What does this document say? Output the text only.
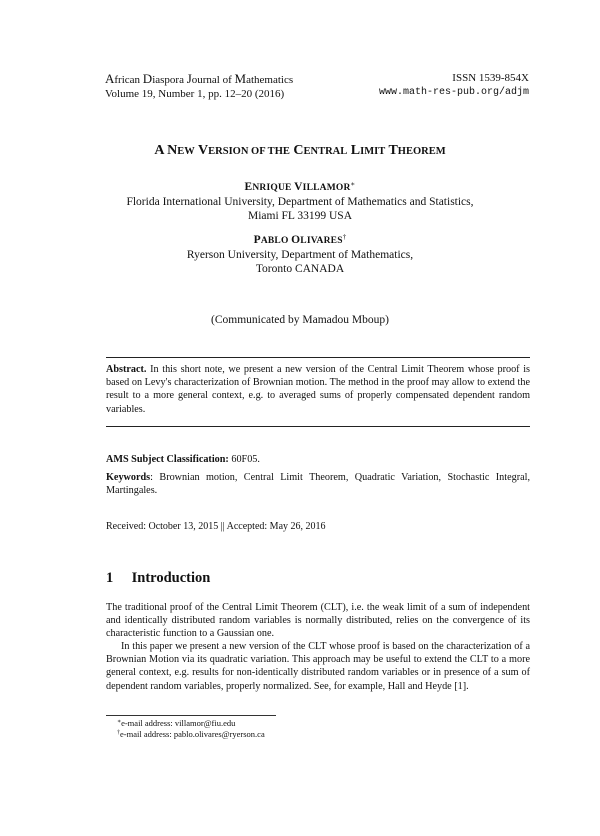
African Diaspora Journal of Mathematics
Volume 19, Number 1, pp. 12–20 (2016)
ISSN 1539-854X
www.math-res-pub.org/adjm
A NEW VERSION OF THE CENTRAL LIMIT THEOREM
ENRIQUE VILLAMOR∗
Florida International University, Department of Mathematics and Statistics,
Miami FL 33199 USA
PABLO OLIVARES†
Ryerson University, Department of Mathematics,
Toronto CANADA
(Communicated by Mamadou Mboup)
Abstract. In this short note, we present a new version of the Central Limit Theorem whose proof is based on Levy's characterization of Brownian motion. The method in the proof may allow to extend the result to a more general context, e.g. to averaged sums of properly compensated dependent random variables.
AMS Subject Classification: 60F05.
Keywords: Brownian motion, Central Limit Theorem, Quadratic Variation, Stochastic Integral, Martingales.
Received: October 13, 2015 || Accepted: May 26, 2016
1 Introduction
The traditional proof of the Central Limit Theorem (CLT), i.e. the weak limit of a sum of independent and identically distributed random variables is normally distributed, relies on the convergence of its characteristic function to a Gaussian one.
In this paper we present a new version of the CLT whose proof is based on the characterization of a Brownian Motion via its quadratic variation. This approach may be useful to extend the CLT to a more general context, e.g. results for non-identically distributed random variables or in presence of a sum of dependent random variables, properly normalized. See, for example, Hall and Heyde [1].
∗e-mail address: villamor@fiu.edu
†e-mail address: pablo.olivares@ryerson.ca
